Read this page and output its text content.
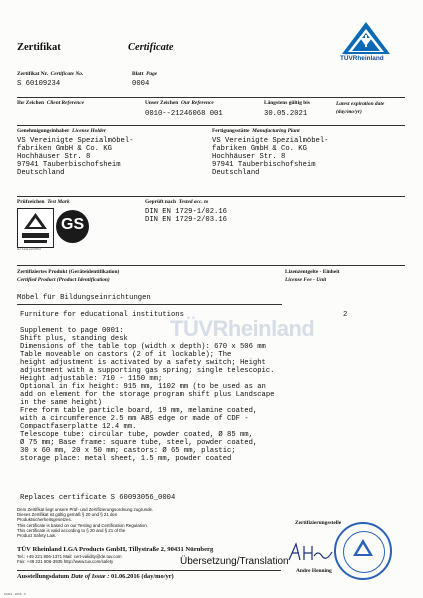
Zertifikat	Certificate
TÜVRheinland
Zertifikat Nr. Certificate No.
S 60109234
Blatt Page
0004
Ihr Zeichen Client Reference	Unser Zeichen Our Reference
0010--21246068 001
Längstens gültig bis
30.05.2021
Latest expiration date
(day/mo/yr)
Genehmigungsinhaber License Holder
VS Vereinigte Spezialmöbel-
fabriken GmbH & Co. KG
Hochhäuser Str. 8
97941 Tauberbischofsheim
Deutschland
Fertigungsstätte Manufacturing Plant
VS Vereinigte Spezialmöbel-
fabriken GmbH & Co. KG
Hochhäuser Str. 8
97941 Tauberbischofsheim
Deutschland
Prüfzeichen Test Mark
GS
ID 1111203993
Geprüft nach Tested acc. to
DIN EN 1729-1/02.16
DIN EN 1729-2/03.16
Zertifiziertes Produkt (Geräteidentifikation)
Certified Product (Product Identification)
Lizenzentgelte - Einheit
License Fee - Unit
Möbel für Bildungseinrichtungen
TÜVRheinland
Furniture for educational institutions	2
Supplement to page 0001:
Shift plus, standing desk
Dimensions of the table top (width x depth): 670 x 506 mm
Table moveable on castors (2 of it lockable); The
height adjustment is activated by a safety switch; Height
adjustment with a supporting gas spring; single telescopic.
Height adjustable: 710 - 1150 mm;
Optional in fix height: 915 mm, 1102 mm (to be used as an
add on element for the storage program shift plus Landscape
in the same height)
Free form table particle board, 19 mm, melamine coated,
with a circumference 2.5 mm ABS edge or made of CDF -
Compactfaserplatte 12.4 mm.
Telescope tube: circular tube, powder coated, Ø 85 mm,
Ø 75 mm; Base frame: square tube, steel, powder coated,
30 x 60 mm, 20 x 50 mm; castors: Ø 65 mm, plastic;
storage place: metal sheet, 1.5 mm, powder coated
Replaces certificate S 60093056_0004
Dem Zertifikat liegt unsere Prüf- und Zertifizierungsordnung zugrunde.
Dieses Zertifikat ist gültig gemäß § 20 und § 21 des
Produktsicherheitsgesetzes.
This certificate is based on our Testing and Certification Regulation.
This certificate is valid according to § 20 and § 21 of the
Product Safety Law.
Zertifizierungsstelle
TÜV Rheinland LGA Products GmbH, Tillystraße 2, 90431 Nürnberg
Tel.: +49 221 806-1371 Mail: cert-validity@de.tuv.com
Fax: +49 221 806-3935 http://www.tuv.com/safety	Übersetzung/Translation
Ausstellungsdatum Date of Issue : 01.06.2016 (day/mo/yr)
Andre Henning
10211 - 2016 - 5
